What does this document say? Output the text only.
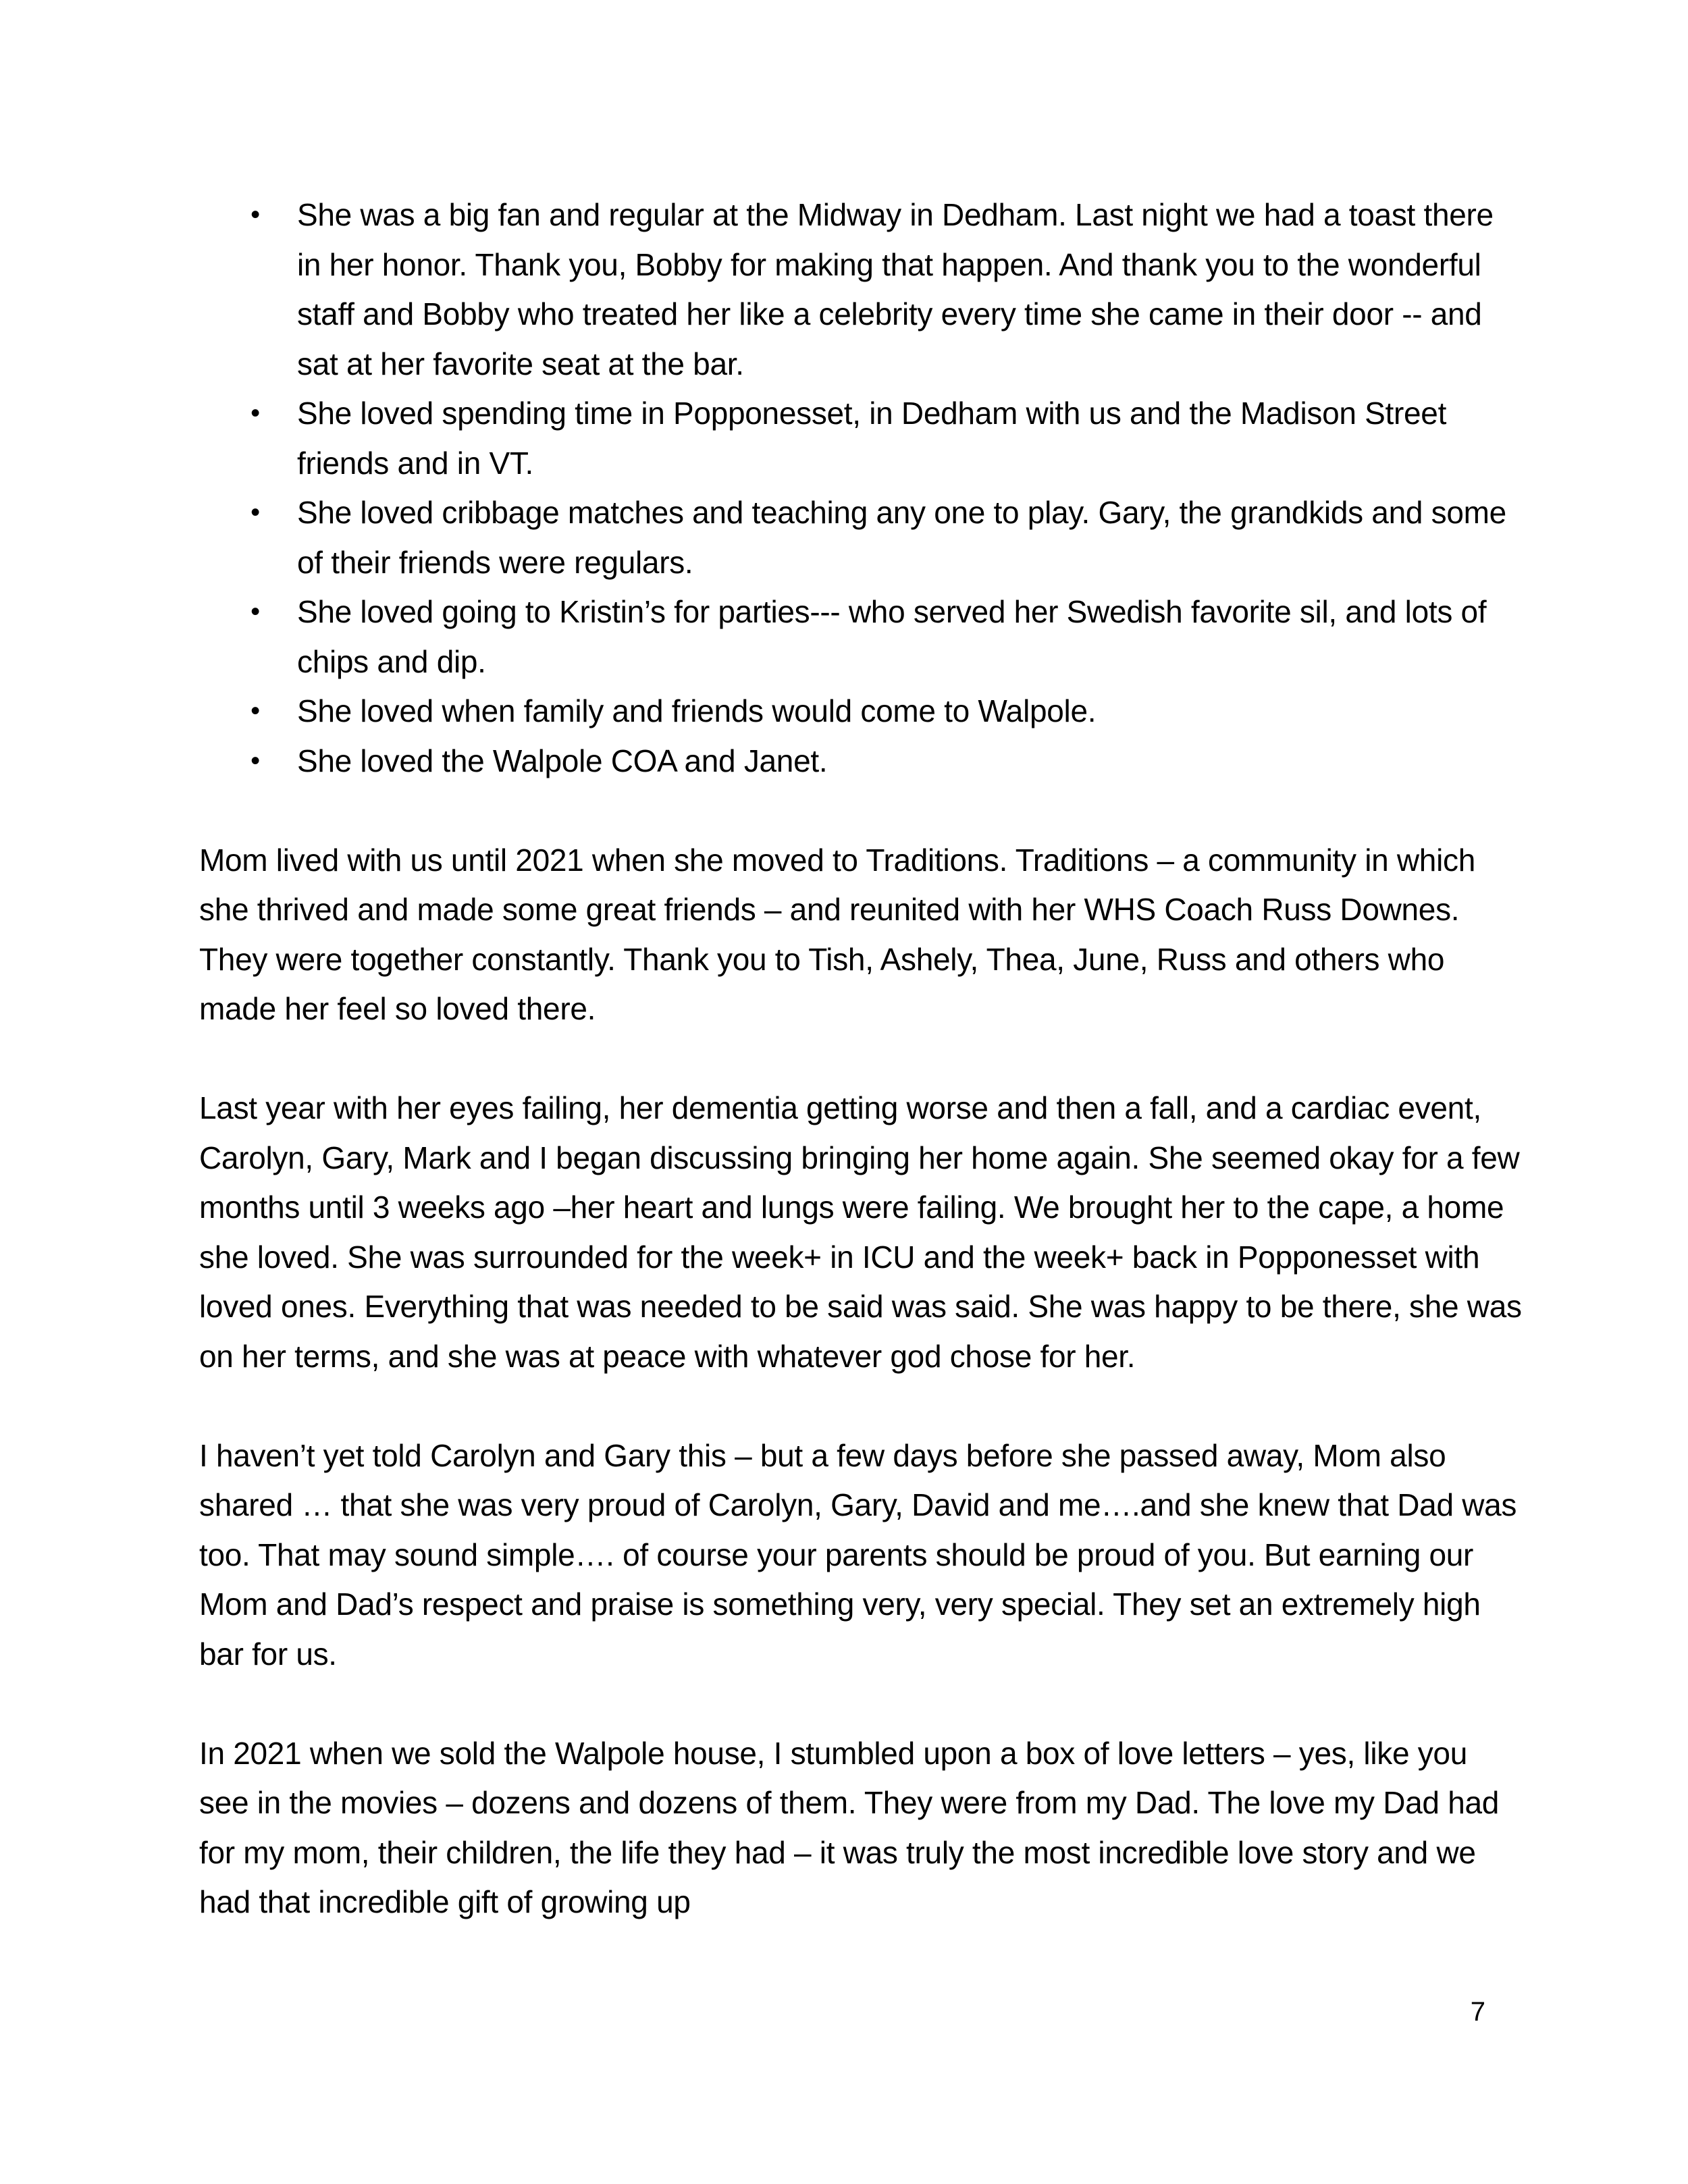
• She was a big fan and regular at the Midway in Dedham. Last night we had a toast there in her honor. Thank you, Bobby for making that happen. And thank you to the wonderful staff and Bobby who treated her like a celebrity every time she came in their door -- and sat at her favorite seat at the bar.
• She loved spending time in Popponesset, in Dedham with us and the Madison Street friends and in VT.
• She loved cribbage matches and teaching any one to play. Gary, the grandkids and some of their friends were regulars.
• She loved going to Kristin’s for parties--- who served her Swedish favorite sil, and lots of chips and dip.
• She loved when family and friends would come to Walpole.
• She loved the Walpole COA and Janet.

Mom lived with us until 2021 when she moved to Traditions. Traditions – a community in which she thrived and made some great friends – and reunited with her WHS Coach Russ Downes. They were together constantly. Thank you to Tish, Ashely, Thea, June, Russ and others who made her feel so loved there.

Last year with her eyes failing, her dementia getting worse and then a fall, and a cardiac event, Carolyn, Gary, Mark and I began discussing bringing her home again. She seemed okay for a few months until 3 weeks ago –her heart and lungs were failing. We brought her to the cape, a home she loved. She was surrounded for the week+ in ICU and the week+ back in Popponesset with loved ones. Everything that was needed to be said was said. She was happy to be there, she was on her terms, and she was at peace with whatever god chose for her.

I haven’t yet told Carolyn and Gary this – but a few days before she passed away, Mom also shared … that she was very proud of Carolyn, Gary, David and me….and she knew that Dad was too. That may sound simple…. of course your parents should be proud of you. But earning our Mom and Dad’s respect and praise is something very, very special. They set an extremely high bar for us.

In 2021 when we sold the Walpole house, I stumbled upon a box of love letters – yes, like you see in the movies – dozens and dozens of them. They were from my Dad. The love my Dad had for my mom, their children, the life they had – it was truly the most incredible love story and we had that incredible gift of growing up

7
